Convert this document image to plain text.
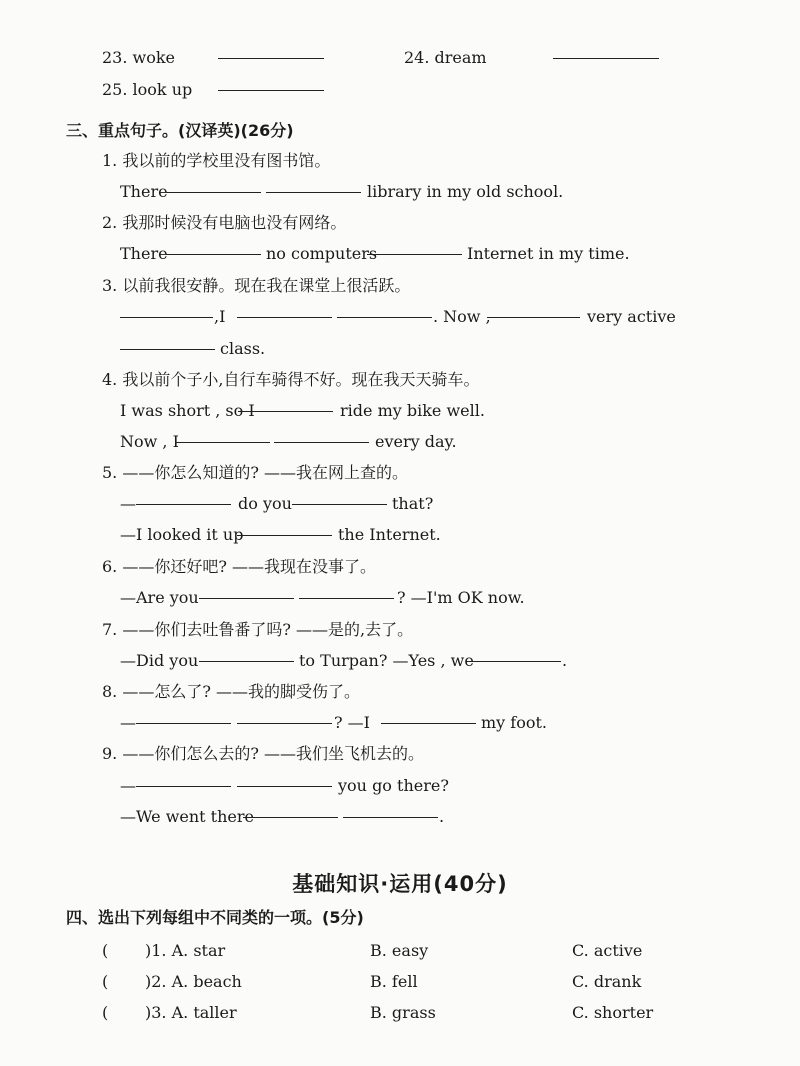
23. woke	24. dream
25. look up
三、重点句子。(汉译英)(26分)
1. 我以前的学校里没有图书馆。
There	library in my old school.
2. 我那时候没有电脑也没有网络。
There	no computers	Internet in my time.
3. 以前我很安静。现在我在课堂上很活跃。
,I	. Now ,	very active
class.
4. 我以前个子小,自行车骑得不好。现在我天天骑车。
I was short , so I	ride my bike well.
Now , I	every day.
5. ——你怎么知道的? ——我在网上查的。
—	do you	that?
—I looked it up	the Internet.
6. ——你还好吧? ——我现在没事了。
—Are you	? —I'm OK now.
7. ——你们去吐鲁番了吗? ——是的,去了。
—Did you	to Turpan? —Yes , we	.
8. ——怎么了? ——我的脚受伤了。
—	? —I	my foot.
9. ——你们怎么去的? ——我们坐飞机去的。
—	you go there?
—We went there	.
基础知识·运用(40分)
四、选出下列每组中不同类的一项。(5分)
( )1. A. star	B. easy	C. active
( )2. A. beach	B. fell	C. drank
( )3. A. taller	B. grass	C. shorter
